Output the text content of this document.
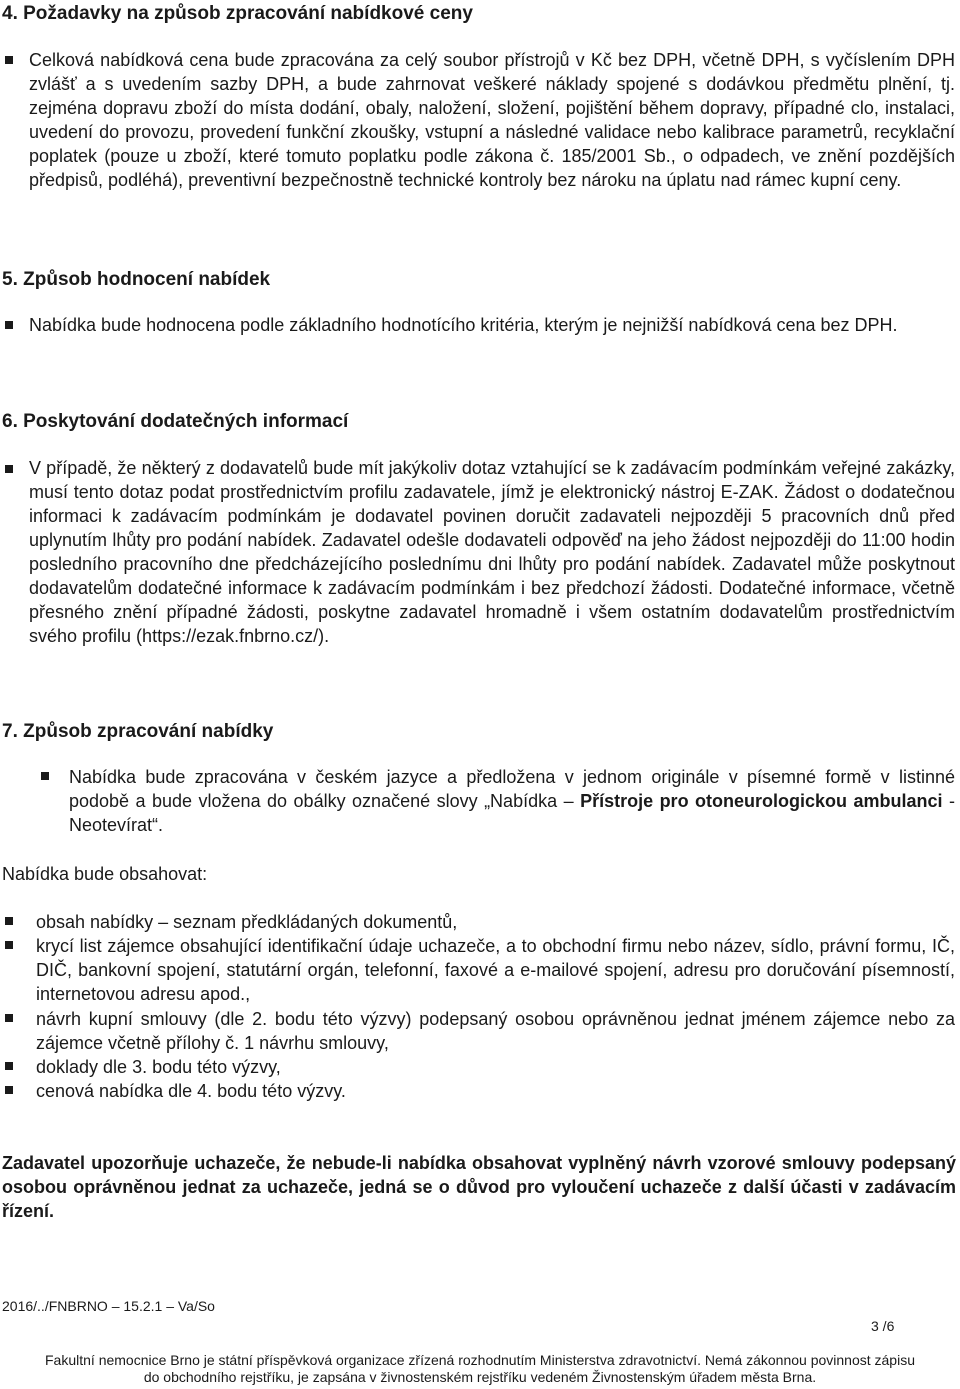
4. Požadavky na způsob zpracování nabídkové ceny
Celková nabídková cena bude zpracována za celý soubor přístrojů v Kč bez DPH, včetně DPH, s vyčíslením DPH zvlášť a s uvedením sazby DPH, a bude zahrnovat veškeré náklady spojené s dodávkou předmětu plnění, tj. zejména dopravu zboží do místa dodání, obaly, naložení, složení, pojištění během dopravy, případné clo, instalaci, uvedení do provozu, provedení funkční zkoušky, vstupní a následné validace nebo kalibrace parametrů, recyklační poplatek (pouze u zboží, které tomuto poplatku podle zákona č. 185/2001 Sb., o odpadech, ve znění pozdějších předpisů, podléhá), preventivní bezpečnostně technické kontroly bez nároku na úplatu nad rámec kupní ceny.
5. Způsob hodnocení nabídek
Nabídka bude hodnocena podle základního hodnotícího kritéria, kterým je nejnižší nabídková cena bez DPH.
6. Poskytování dodatečných informací
V případě, že některý z dodavatelů bude mít jakýkoliv dotaz vztahující se k zadávacím podmínkám veřejné zakázky, musí tento dotaz podat prostřednictvím profilu zadavatele, jímž je elektronický nástroj E-ZAK. Žádost o dodatečnou informaci k zadávacím podmínkám je dodavatel povinen doručit zadavateli nejpozději 5 pracovních dnů před uplynutím lhůty pro podání nabídek. Zadavatel odešle dodavateli odpověď na jeho žádost nejpozději do 11:00 hodin posledního pracovního dne předcházejícího poslednímu dni lhůty pro podání nabídek. Zadavatel může poskytnout dodavatelům dodatečné informace k zadávacím podmínkám i bez předchozí žádosti. Dodatečné informace, včetně přesného znění případné žádosti, poskytne zadavatel hromadně i všem ostatním dodavatelům prostřednictvím svého profilu (https://ezak.fnbrno.cz/).
7. Způsob zpracování nabídky
Nabídka bude zpracována v českém jazyce a předložena v jednom originále v písemné formě v listinné podobě a bude vložena do obálky označené slovy „Nabídka – Přístroje pro otoneurologickou ambulanci - Neotevírat“.
Nabídka bude obsahovat:
obsah nabídky – seznam předkládaných dokumentů,
krycí list zájemce obsahující identifikační údaje uchazeče, a to obchodní firmu nebo název, sídlo, právní formu, IČ, DIČ, bankovní spojení, statutární orgán, telefonní, faxové a e-mailové spojení, adresu pro doručování písemností, internetovou adresu apod.,
návrh kupní smlouvy (dle 2. bodu této výzvy) podepsaný osobou oprávněnou jednat jménem zájemce nebo za zájemce včetně přílohy č. 1 návrhu smlouvy,
doklady dle 3. bodu této výzvy,
cenová nabídka dle 4. bodu této výzvy.
Zadavatel upozorňuje uchazeče, že nebude-li nabídka obsahovat vyplněný návrh vzorové smlouvy podepsaný osobou oprávněnou jednat za uchazeče, jedná se o důvod pro vyloučení uchazeče z další účasti v zadávacím řízení.
2016/../FNBRNO – 15.2.1 – Va/So
3 /6
Fakultní nemocnice Brno je státní příspěvková organizace zřízená rozhodnutím Ministerstva zdravotnictví. Nemá zákonnou povinnost zápisu
do obchodního rejstříku, je zapsána v živnostenském rejstříku vedeném Živnostenským úřadem města Brna.
